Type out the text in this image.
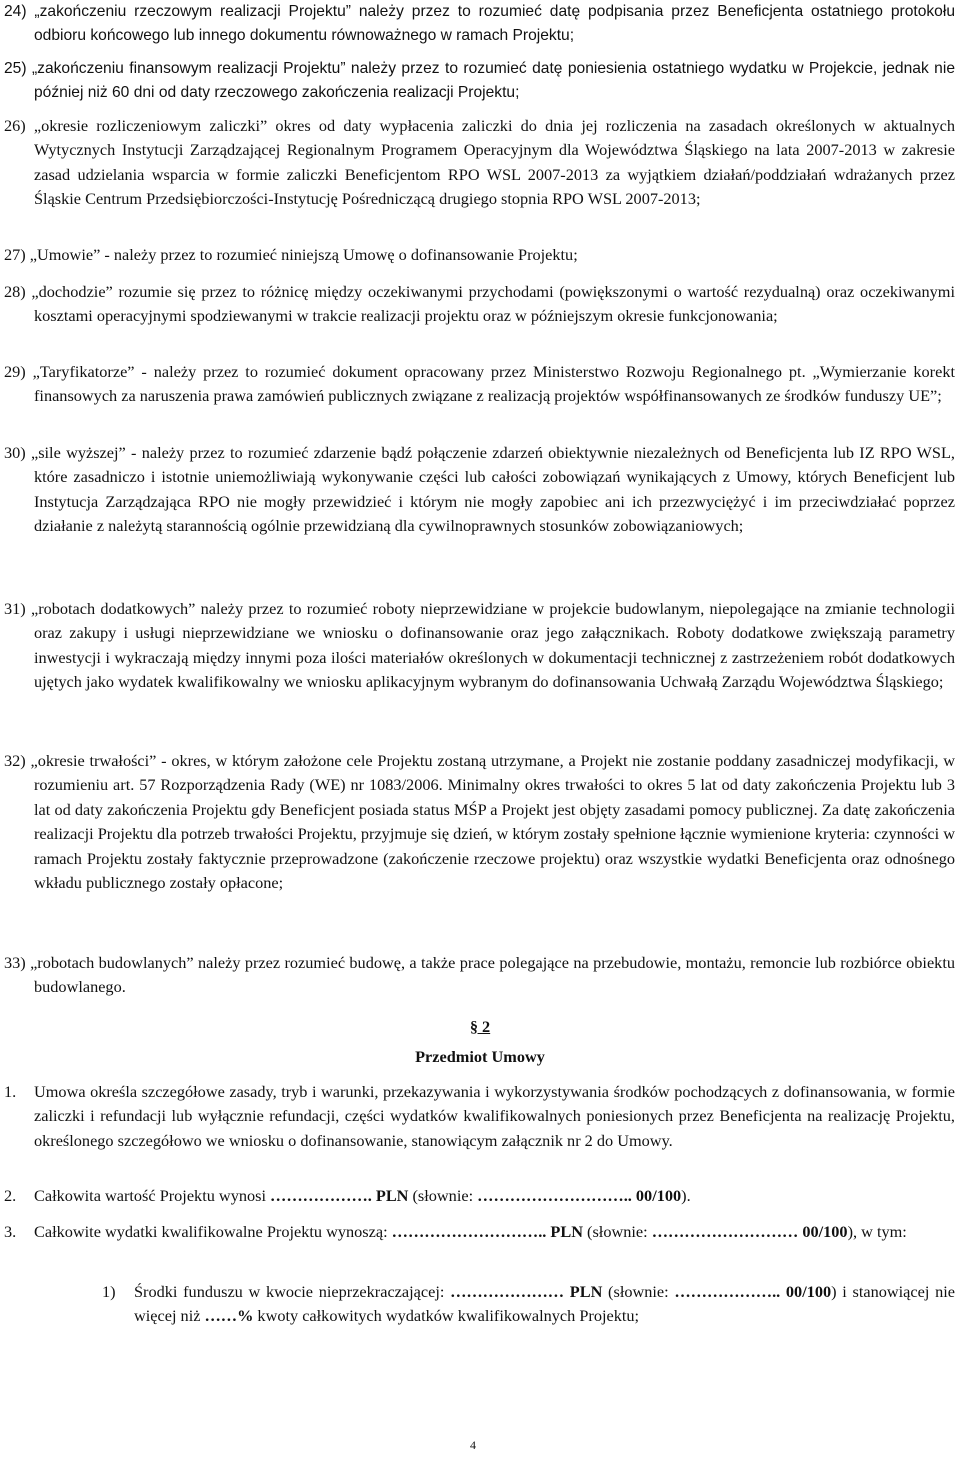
24) „zakończeniu rzeczowym realizacji Projektu” należy przez to rozumieć datę podpisania przez Beneficjenta ostatniego protokołu odbioru końcowego lub innego dokumentu równoważnego w ramach Projektu;
25) „zakończeniu finansowym realizacji Projektu” należy przez to rozumieć datę poniesienia ostatniego wydatku w Projekcie, jednak nie później niż 60 dni od daty rzeczowego zakończenia realizacji Projektu;
26) „okresie rozliczeniowym zaliczki” okres od daty wypłacenia zaliczki do dnia jej rozliczenia na zasadach określonych w aktualnych Wytycznych Instytucji Zarządzającej Regionalnym Programem Operacyjnym dla Województwa Śląskiego na lata 2007-2013 w zakresie zasad udzielania wsparcia w formie zaliczki Beneficjentom RPO WSL 2007-2013 za wyjątkiem działań/poddziałań wdrażanych przez Śląskie Centrum Przedsiębiorczości-Instytucję Pośredniczącą drugiego stopnia RPO WSL 2007-2013;
27) „Umowie” - należy przez to rozumieć niniejszą Umowę o dofinansowanie Projektu;
28) „dochodzie” rozumie się przez to różnicę między oczekiwanymi przychodami (powiększonymi o wartość rezydualną) oraz oczekiwanymi kosztami operacyjnymi spodziewanymi w trakcie realizacji projektu oraz w późniejszym okresie funkcjonowania;
29) „Taryfikatorze” - należy przez to rozumieć dokument opracowany przez Ministerstwo Rozwoju Regionalnego pt. „Wymierzanie korekt finansowych za naruszenia prawa zamówień publicznych związane z realizacją projektów współfinansowanych ze środków funduszy UE”;
30) „sile wyższej” - należy przez to rozumieć zdarzenie bądź połączenie zdarzeń obiektywnie niezależnych od Beneficjenta lub IZ RPO WSL, które zasadniczo i istotnie uniemożliwiają wykonywanie części lub całości zobowiązań wynikających z Umowy, których Beneficjent lub Instytucja Zarządzająca RPO nie mogły przewidzieć i którym nie mogły zapobiec ani ich przezwyciężyć i im przeciwdziałać poprzez działanie z należytą starannością ogólnie przewidzianą dla cywilnoprawnych stosunków zobowiązaniowych;
31) „robotach dodatkowych” należy przez to rozumieć roboty nieprzewidziane w projekcie budowlanym, niepolegające na zmianie technologii oraz zakupy i usługi nieprzewidziane we wniosku o dofinansowanie oraz jego załącznikach. Roboty dodatkowe zwiększają parametry inwestycji i wykraczają między innymi poza ilości materiałów określonych w dokumentacji technicznej z zastrzeżeniem robót dodatkowych ujętych jako wydatek kwalifikowalny we wniosku aplikacyjnym wybranym do dofinansowania Uchwałą Zarządu Województwa Śląskiego;
32) „okresie trwałości” - okres, w którym założone cele Projektu zostaną utrzymane, a Projekt nie zostanie poddany zasadniczej modyfikacji, w rozumieniu art. 57 Rozporządzenia Rady (WE) nr 1083/2006. Minimalny okres trwałości to okres 5 lat od daty zakończenia Projektu lub 3 lat od daty zakończenia Projektu gdy Beneficjent posiada status MŚP a Projekt jest objęty zasadami pomocy publicznej. Za datę zakończenia realizacji Projektu dla potrzeb trwałości Projektu, przyjmuje się dzień, w którym zostały spełnione łącznie wymienione kryteria: czynności w ramach Projektu zostały faktycznie przeprowadzone (zakończenie rzeczowe projektu) oraz wszystkie wydatki Beneficjenta oraz odnośnego wkładu publicznego zostały opłacone;
33) „robotach budowlanych” należy przez rozumieć budowę, a także prace polegające na przebudowie, montażu, remoncie lub rozbiórce obiektu budowlanego.
§ 2
Przedmiot Umowy
1. Umowa określa szczegółowe zasady, tryb i warunki, przekazywania i wykorzystywania środków pochodzących z dofinansowania, w formie zaliczki i refundacji lub wyłącznie refundacji, części wydatków kwalifikowalnych poniesionych przez Beneficjenta na realizację Projektu, określonego szczegółowo we wniosku o dofinansowanie, stanowiącym załącznik nr 2 do Umowy.
2. Całkowita wartość Projektu wynosi ………………. PLN (słownie: ……………………….. 00/100).
3. Całkowite wydatki kwalifikowalne Projektu wynoszą: ……………………….. PLN (słownie: ……………………… 00/100), w tym:
1) Środki funduszu w kwocie nieprzekraczającej: ………………… PLN (słownie: ……………….. 00/100) i stanowiącej nie więcej niż ……% kwoty całkowitych wydatków kwalifikowalnych Projektu;
4
